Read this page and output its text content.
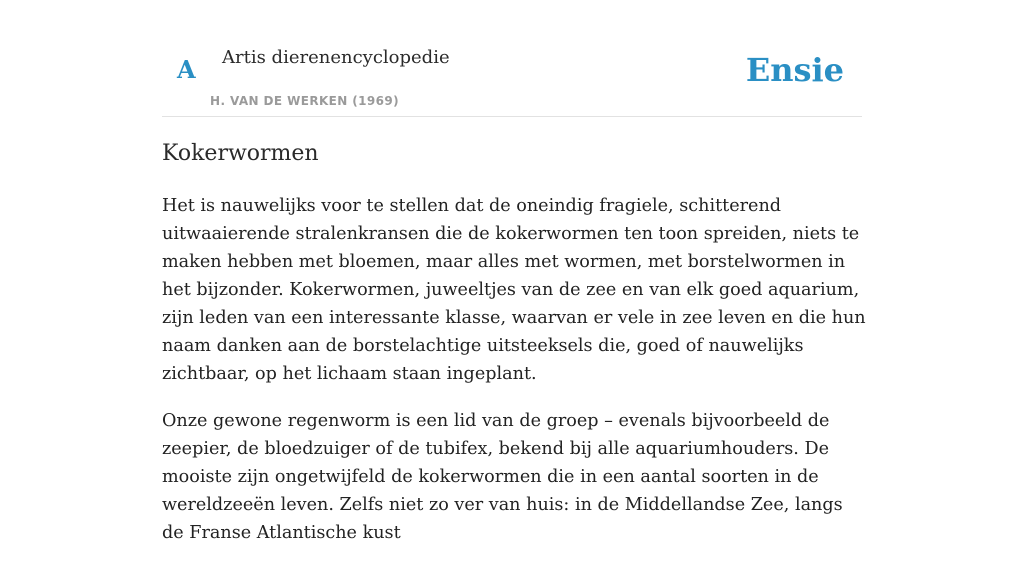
A Artis dierenencyclopedie
H. VAN DE WERKEN (1969)
Ensie
Kokerwormen

Het is nauwelijks voor te stellen dat de oneindig fragiele, schitterend uitwaaierende stralenkransen die de kokerwormen ten toon spreiden, niets te maken hebben met bloemen, maar alles met wormen, met borstelwormen in het bijzonder. Kokerwormen, juweeltjes van de zee en van elk goed aquarium, zijn leden van een interessante klasse, waarvan er vele in zee leven en die hun naam danken aan de borstelachtige uitsteeksels die, goed of nauwelijks zichtbaar, op het lichaam staan ingeplant.

Onze gewone regenworm is een lid van de groep – evenals bijvoorbeeld de zeepier, de bloedzuiger of de tubifex, bekend bij alle aquariumhouders. De mooiste zijn ongetwijfeld de kokerwormen die in een aantal soorten in de wereldzeeën leven. Zelfs niet zo ver van huis: in de Middellandse Zee, langs de Franse Atlantische kust
